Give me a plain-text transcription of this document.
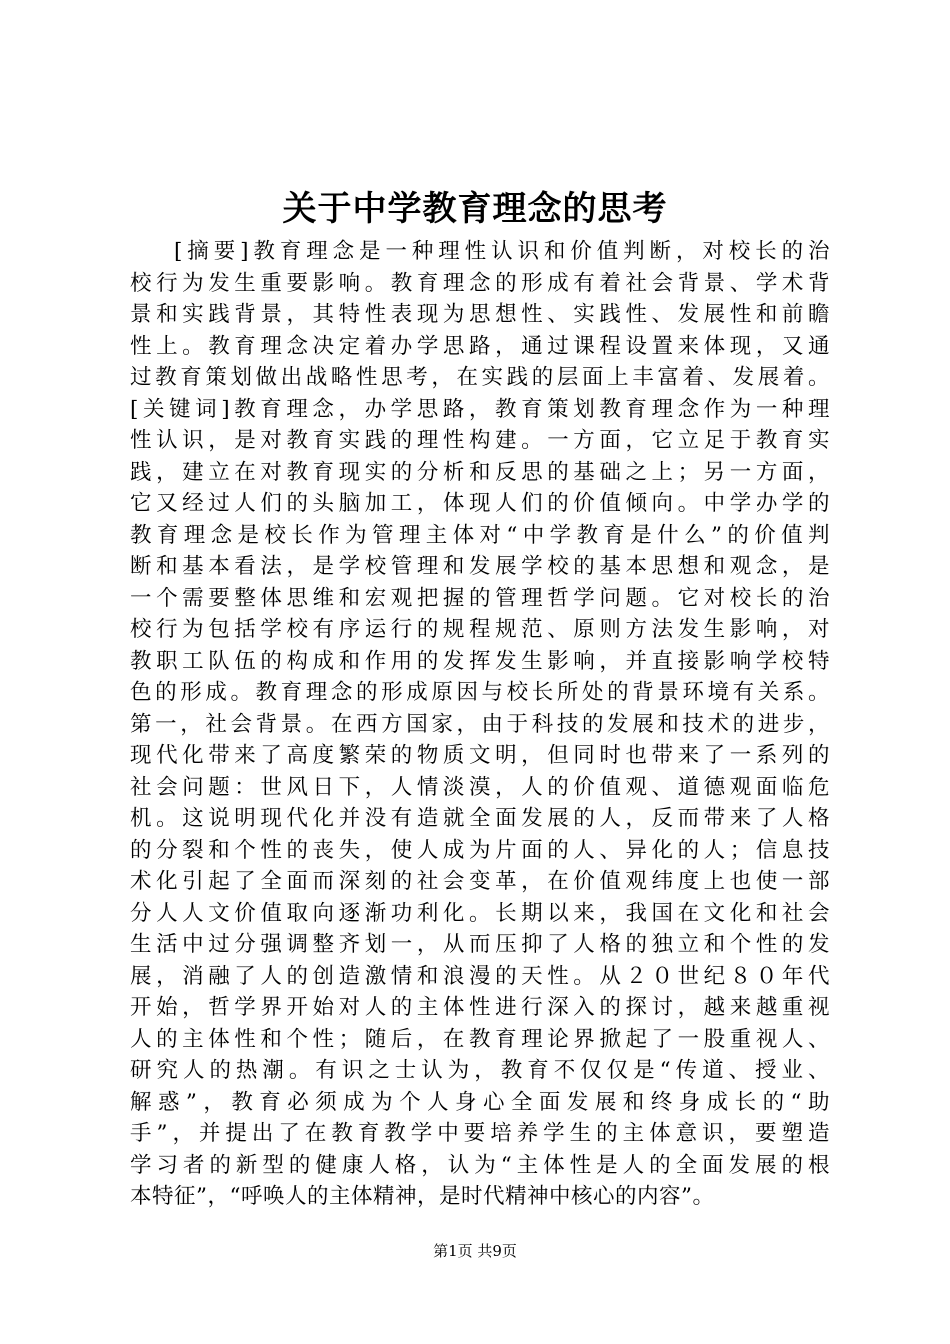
关于中学教育理念的思考
[摘要]教育理念是一种理性认识和价值判断，对校长的治
校行为发生重要影响。教育理念的形成有着社会背景、学术背
景和实践背景，其特性表现为思想性、实践性、发展性和前瞻
性上。教育理念决定着办学思路，通过课程设置来体现，又通
过教育策划做出战略性思考，在实践的层面上丰富着、发展着。
[关键词]教育理念，办学思路，教育策划教育理念作为一种理
性认识，是对教育实践的理性构建。一方面，它立足于教育实
践，建立在对教育现实的分析和反思的基础之上；另一方面，
它又经过人们的头脑加工，体现人们的价值倾向。中学办学的
教育理念是校长作为管理主体对“中学教育是什么”的价值判
断和基本看法，是学校管理和发展学校的基本思想和观念，是
一个需要整体思维和宏观把握的管理哲学问题。它对校长的治
校行为包括学校有序运行的规程规范、原则方法发生影响，对
教职工队伍的构成和作用的发挥发生影响，并直接影响学校特
色的形成。教育理念的形成原因与校长所处的背景环境有关系。
第一，社会背景。在西方国家，由于科技的发展和技术的进步，
现代化带来了高度繁荣的物质文明，但同时也带来了一系列的
社会问题：世风日下，人情淡漠，人的价值观、道德观面临危
机。这说明现代化并没有造就全面发展的人，反而带来了人格
的分裂和个性的丧失，使人成为片面的人、异化的人；信息技
术化引起了全面而深刻的社会变革，在价值观纬度上也使一部
分人人文价值取向逐渐功利化。长期以来，我国在文化和社会
生活中过分强调整齐划一，从而压抑了人格的独立和个性的发
展，消融了人的创造激情和浪漫的天性。从２０世纪８０年代
开始，哲学界开始对人的主体性进行深入的探讨，越来越重视
人的主体性和个性；随后，在教育理论界掀起了一股重视人、
研究人的热潮。有识之士认为，教育不仅仅是“传道、授业、
解惑”，教育必须成为个人身心全面发展和终身成长的“助
手”，并提出了在教育教学中要培养学生的主体意识，要塑造
学习者的新型的健康人格，认为“主体性是人的全面发展的根
本特征”，“呼唤人的主体精神，是时代精神中核心的内容”。
第1页 共9页
